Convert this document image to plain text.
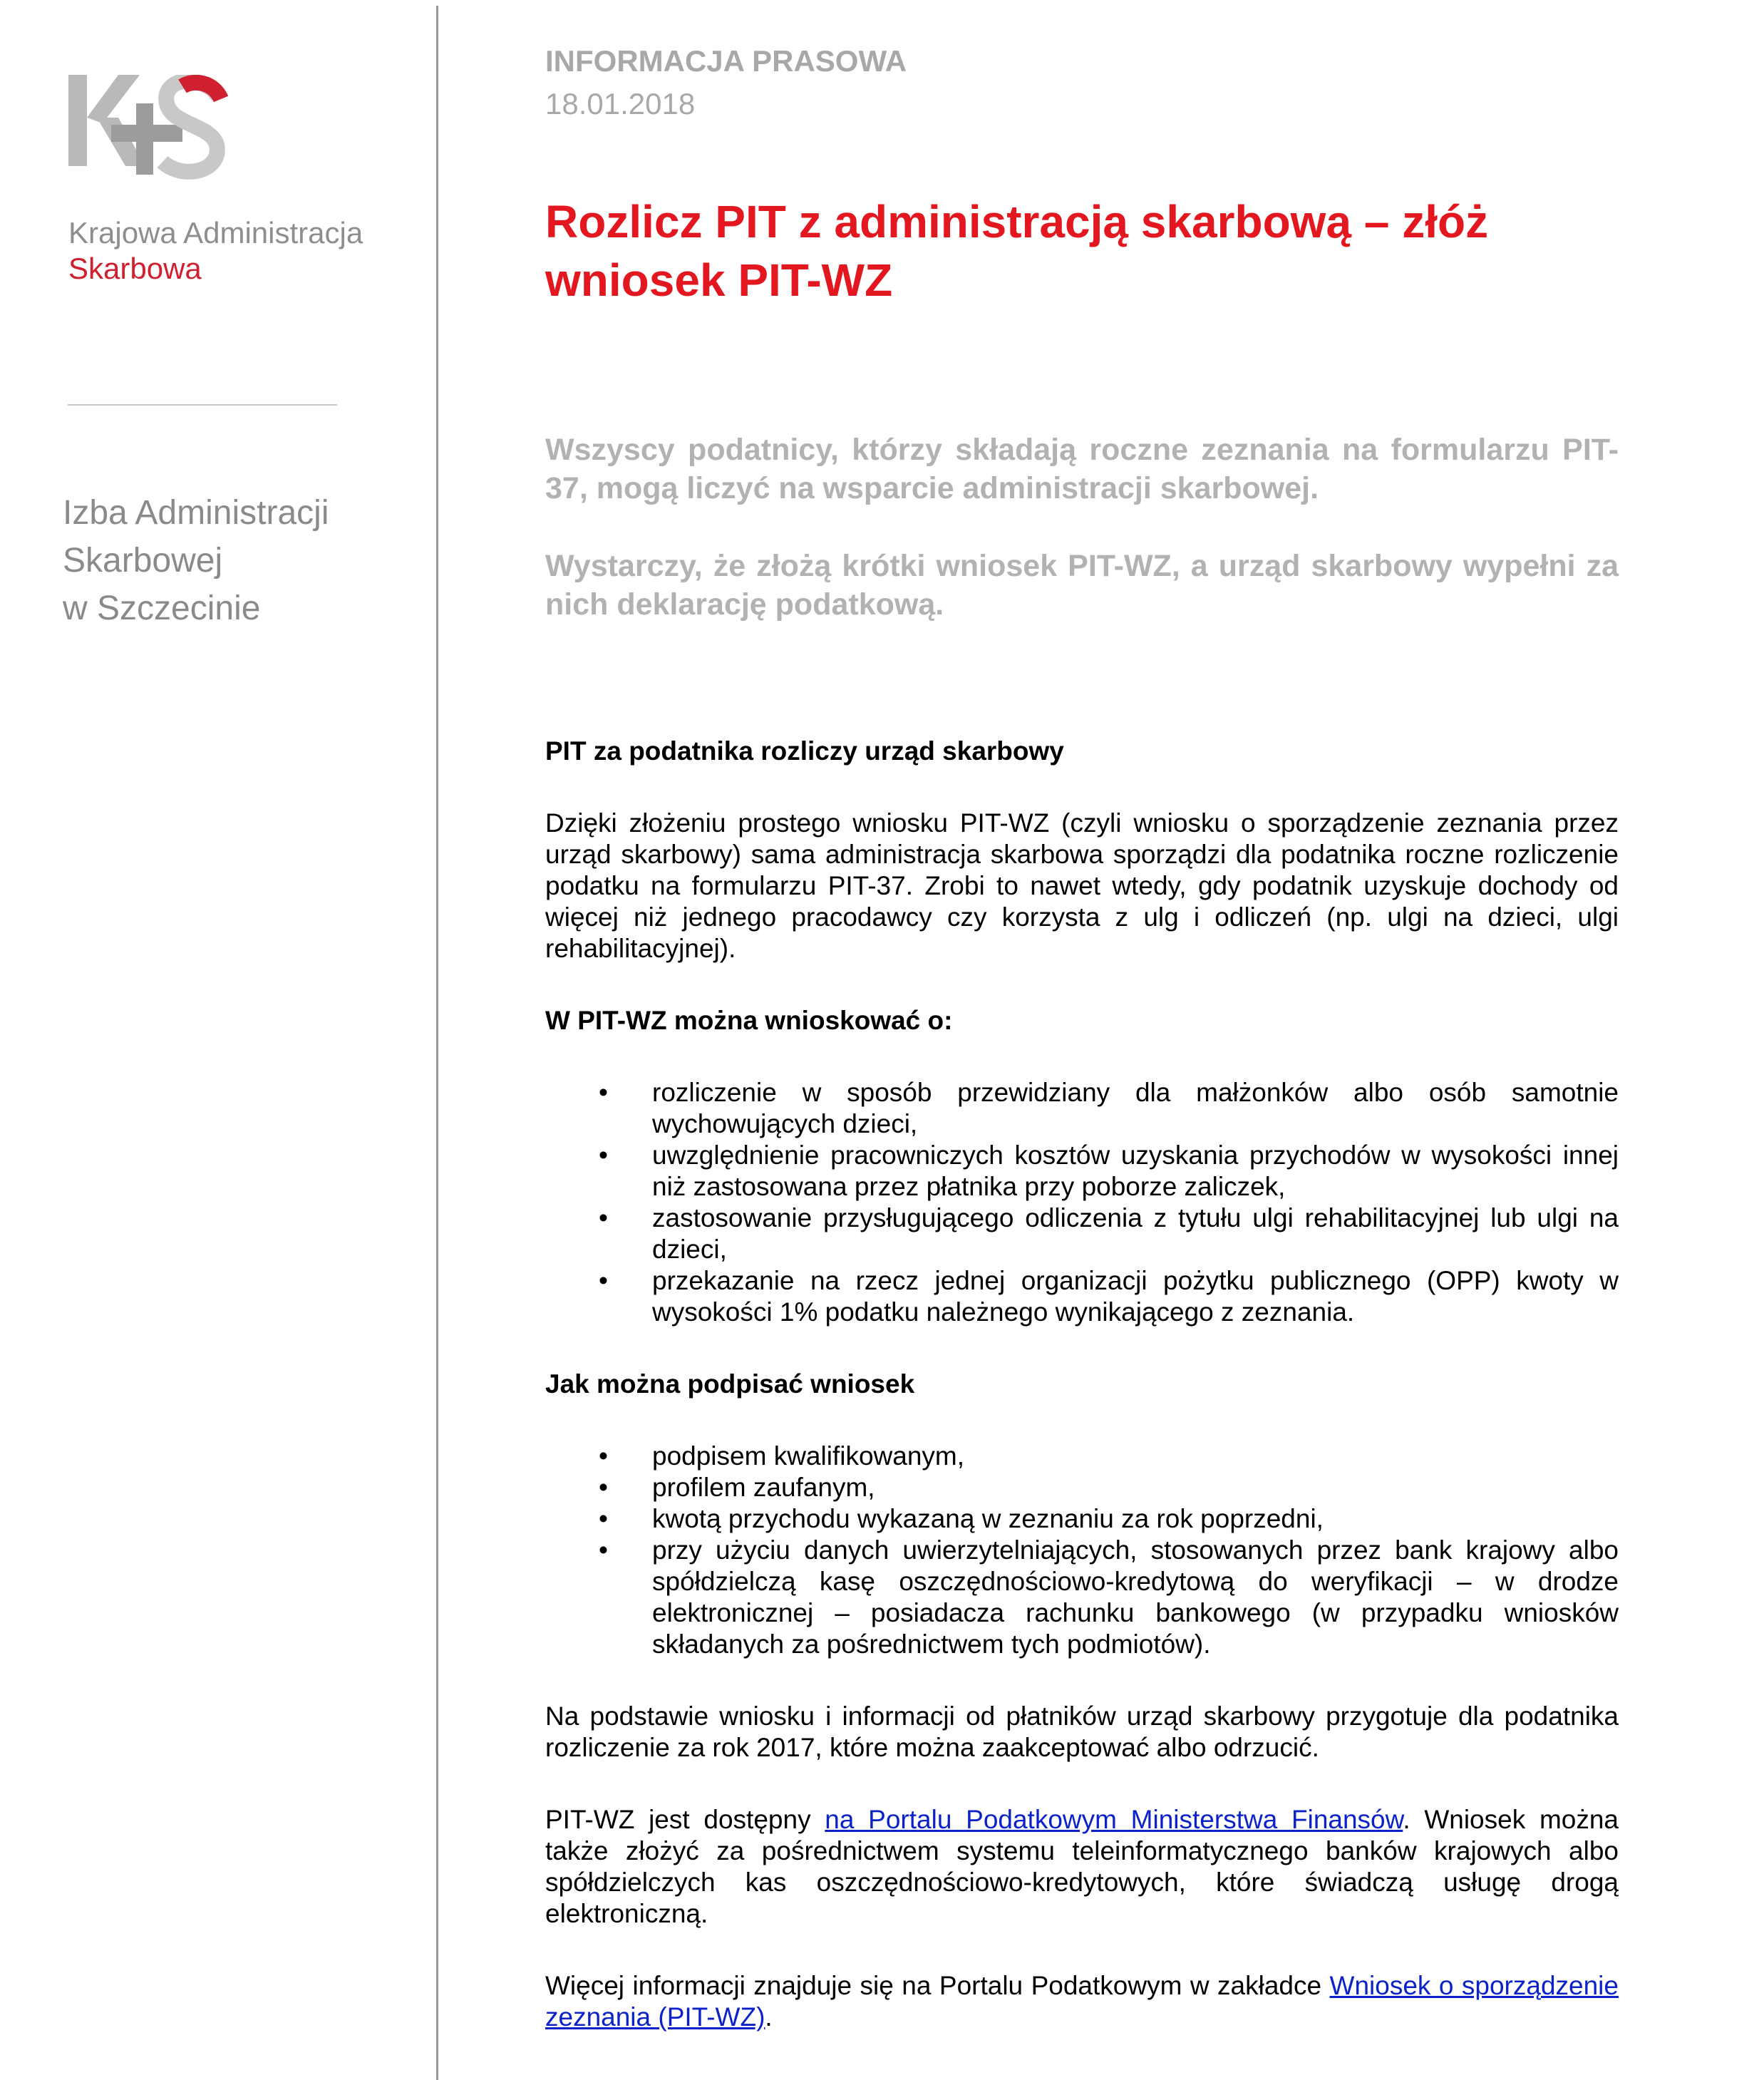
Krajowa Administracja
Skarbowa
Izba Administracji
Skarbowej
w Szczecinie
INFORMACJA PRASOWA
18.01.2018
Rozlicz PIT z administracją skarbową – złóż wniosek PIT-WZ

Wszyscy podatnicy, którzy składają roczne zeznania na formularzu PIT-37, mogą liczyć na wsparcie administracji skarbowej.

Wystarczy, że złożą krótki wniosek PIT-WZ, a urząd skarbowy wypełni za nich deklarację podatkową.

PIT za podatnika rozliczy urząd skarbowy

Dzięki złożeniu prostego wniosku PIT-WZ (czyli wniosku o sporządzenie zeznania przez urząd skarbowy) sama administracja skarbowa sporządzi dla podatnika roczne rozliczenie podatku na formularzu PIT-37. Zrobi to nawet wtedy, gdy podatnik uzyskuje dochody od więcej niż jednego pracodawcy czy korzysta z ulg i odliczeń (np. ulgi na dzieci, ulgi rehabilitacyjnej).

W PIT-WZ można wnioskować o:
• rozliczenie w sposób przewidziany dla małżonków albo osób samotnie wychowujących dzieci,
• uwzględnienie pracowniczych kosztów uzyskania przychodów w wysokości innej niż zastosowana przez płatnika przy poborze zaliczek,
• zastosowanie przysługującego odliczenia z tytułu ulgi rehabilitacyjnej lub ulgi na dzieci,
• przekazanie na rzecz jednej organizacji pożytku publicznego (OPP) kwoty w wysokości 1% podatku należnego wynikającego z zeznania.
Jak można podpisać wniosek
• podpisem kwalifikowanym,
• profilem zaufanym,
• kwotą przychodu wykazaną w zeznaniu za rok poprzedni,
• przy użyciu danych uwierzytelniających, stosowanych przez bank krajowy albo spółdzielczą kasę oszczędnościowo-kredytową do weryfikacji – w drodze elektronicznej – posiadacza rachunku bankowego (w przypadku wniosków składanych za pośrednictwem tych podmiotów).

Na podstawie wniosku i informacji od płatników urząd skarbowy przygotuje dla podatnika rozliczenie za rok 2017, które można zaakceptować albo odrzucić.

PIT-WZ jest dostępny na Portalu Podatkowym Ministerstwa Finansów. Wniosek można także złożyć za pośrednictwem systemu teleinformatycznego banków krajowych albo spółdzielczych kas oszczędnościowo-kredytowych, które świadczą usługę drogą elektroniczną.

Więcej informacji znajduje się na Portalu Podatkowym w zakładce Wniosek o sporządzenie zeznania (PIT-WZ).
